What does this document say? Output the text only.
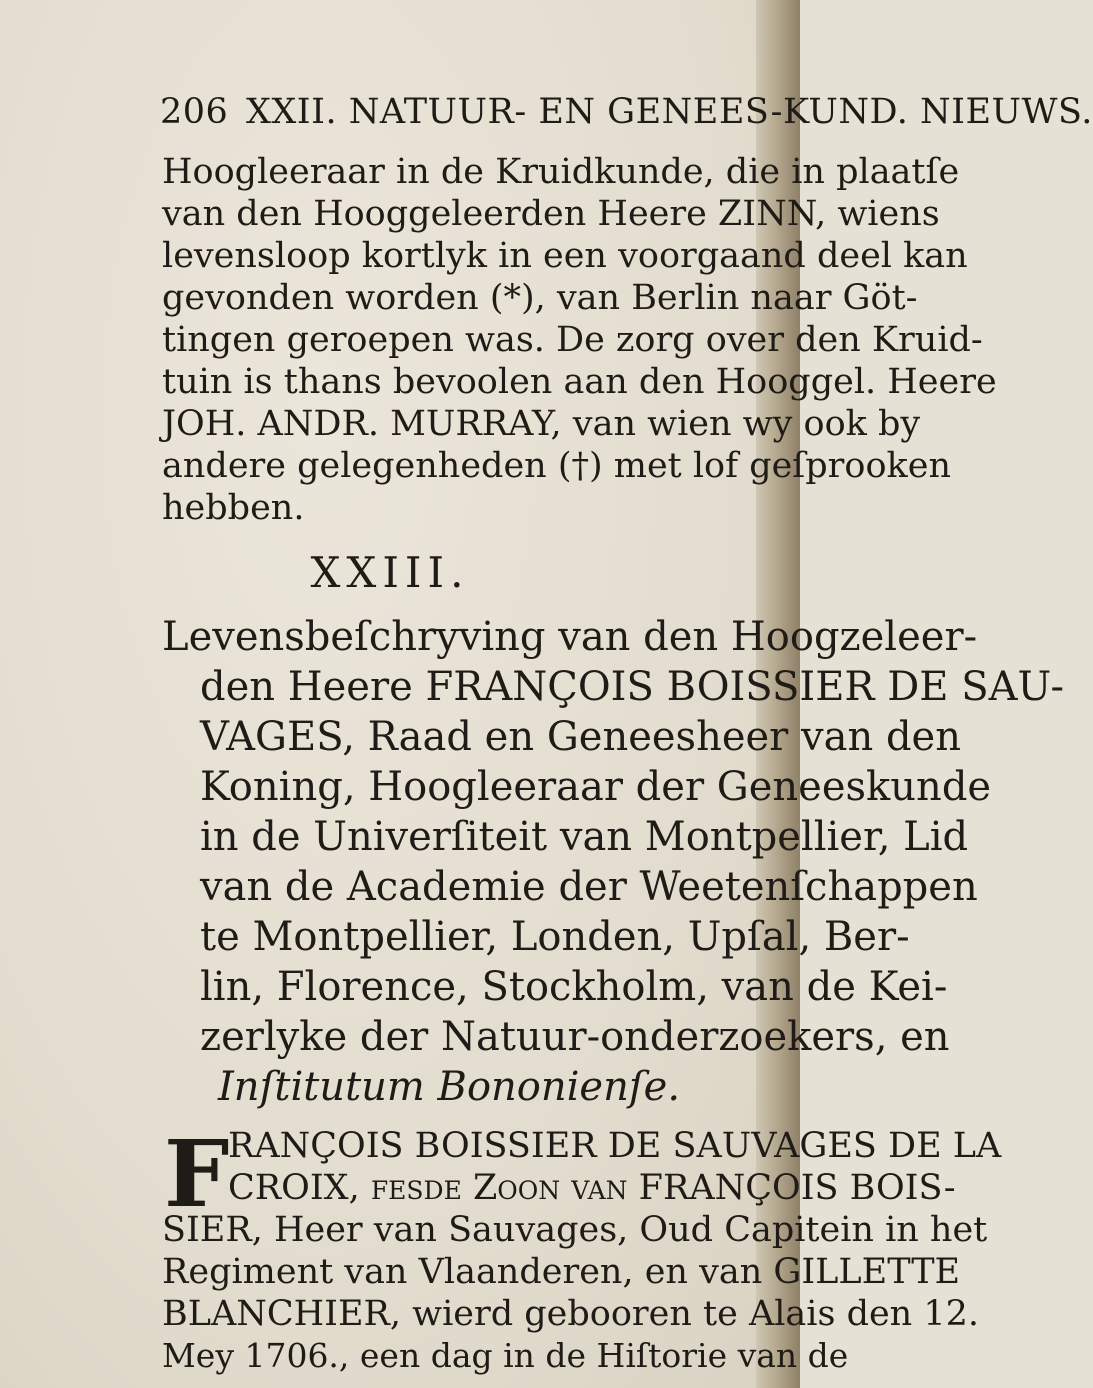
206 XXII. NATUUR- EN GENEES-KUND. NIEUWS.
Hoogleeraar in de Kruidkunde, die in plaatſe
van den Hooggeleerden Heere ZINN, wiens
levensloop kortlyk in een voorgaand deel kan
gevonden worden (*), van Berlin naar Göt-
tingen geroepen was. De zorg over den Kruid-
tuin is thans bevoolen aan den Hooggel. Heere
JOH. ANDR. MURRAY, van wien wy ook by
andere gelegenheden (†) met lof geſprooken
hebben.
XXIII.
Levensbeſchryving van den Hoogzeleer-
den Heere FRANÇOIS BOISSIER DE SAU-
VAGES, Raad en Geneesheer van den
Koning, Hoogleeraar der Geneeskunde
in de Univerſiteit van Montpellier, Lid
van de Academie der Weetenſchappen
te Montpellier, Londen, Upſal, Ber-
lin, Florence, Stockholm, van de Kei-
zerlyke der Natuur-onderzoekers, en
Inſtitutum Bononienſe.
F
RANÇOIS BOISSIER DE SAUVAGES DE LA
CROIX, feſde Zoon van FRANÇOIS BOIS-
SIER, Heer van Sauvages, Oud Capitein in het
Regiment van Vlaanderen, en van GILLETTE
BLANCHIER, wierd gebooren te Alais den 12.
Mey 1706., een dag in de Hiſtorie van de
